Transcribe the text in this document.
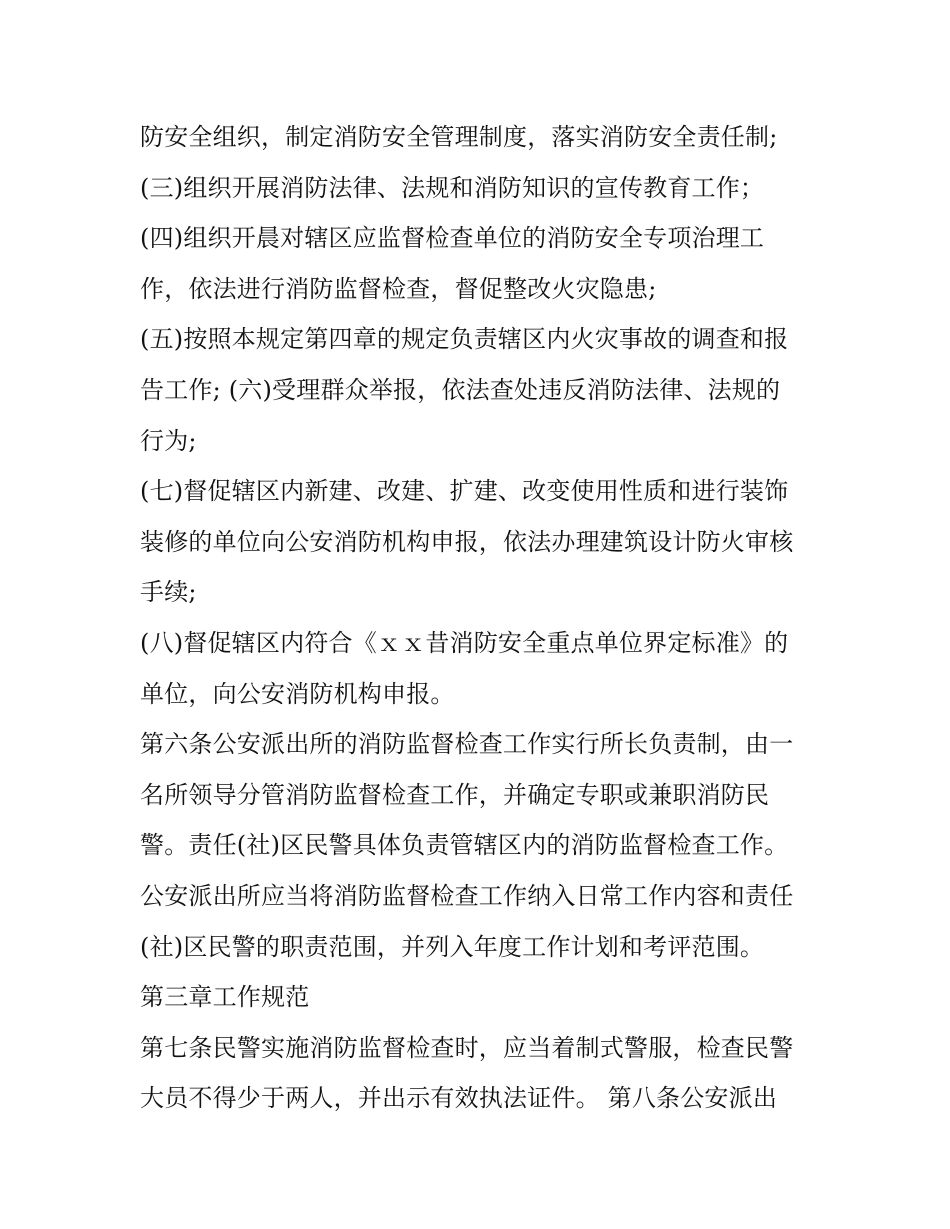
防安全组织，制定消防安全管理制度，落实消防安全责任制;
(三)组织开展消防法律、法规和消防知识的宣传教育工作；
(四)组织开晨对辖区应监督检查单位的消防安全专项治理工
作，依法进行消防监督检查，督促整改火灾隐患;
(五)按照本规定第四章的规定负责辖区内火灾事故的调查和报
告工作; (六)受理群众举报，依法查处违反消防法律、法规的
行为;
(七)督促辖区内新建、改建、扩建、改变使用性质和进行装饰
装修的单位向公安消防机构申报，依法办理建筑设计防火审核
手续;
(八)督促辖区内符合《ｘｘ昔消防安全重点单位界定标准》的
单位，向公安消防机构申报。
第六条公安派出所的消防监督检查工作实行所长负责制，由一
名所领导分管消防监督检查工作，并确定专职或兼职消防民
警。责任(社)区民警具体负责管辖区内的消防监督检查工作。
公安派出所应当将消防监督检查工作纳入日常工作内容和责任
(社)区民警的职责范围，并列入年度工作计划和考评范围。
第三章工作规范
第七条民警实施消防监督检查时，应当着制式警服，检查民警
大员不得少于两人，并出示有效执法证件。 第八条公安派出
